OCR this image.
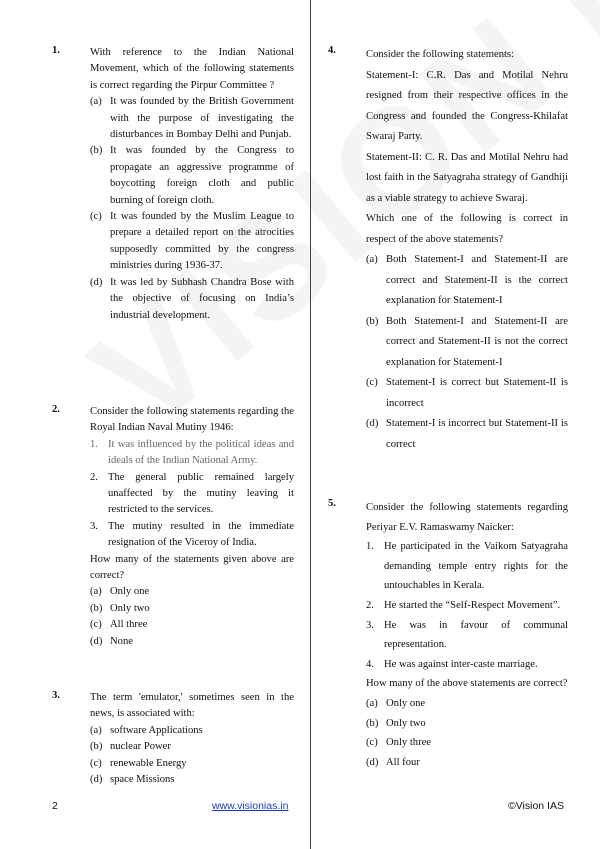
1.	With reference to the Indian National Movement, which of the following statements is correct regarding the Pirpur Committee ?

(a) It was founded by the British Government with the purpose of investigating the disturbances in Bombay Delhi and Punjab.
(b) It was founded by the Congress to propagate an aggressive programme of boycotting foreign cloth and public burning of foreign cloth.
(c) It was founded by the Muslim League to prepare a detailed report on the atrocities supposedly committed by the congress ministries during 1936-37.
(d) It was led by Subhash Chandra Bose with the objective of focusing on India’s industrial development.
2.	Consider the following statements regarding the Royal Indian Naval Mutiny 1946:

1. It was influenced by the political ideas and ideals of the Indian National Army.
2. The general public remained largely unaffected by the mutiny leaving it restricted to the services.
3. The mutiny resulted in the immediate resignation of the Viceroy of India.

How many of the statements given above are correct?

(a) Only one
(b) Only two
(c) All three
(d) None
3.	The term 'emulator,' sometimes seen in the news, is associated with:

(a) software Applications
(b) nuclear Power
(c) renewable Energy
(d) space Missions
4.	Consider the following statements:

Statement-I: C.R. Das and Motilal Nehru resigned from their respective offices in the Congress and founded the Congress-Khilafat Swaraj Party.

Statement-II: C. R. Das and Motilal Nehru had lost faith in the Satyagraha strategy of Gandhiji as a viable strategy to achieve Swaraj.

Which one of the following is correct in respect of the above statements?

(a) Both Statement-I and Statement-II are correct and Statement-II is the correct explanation for Statement-I
(b) Both Statement-I and Statement-II are correct and Statement-II is not the correct explanation for Statement-I
(c) Statement-I is correct but Statement-II is incorrect
(d) Statement-I is incorrect but Statement-II is correct
5.	Consider the following statements regarding Periyar E.V. Ramaswamy Naicker:

1. He participated in the Vaikom Satyagraha demanding temple entry rights for the untouchables in Kerala.
2. He started the “Self-Respect Movement”.
3. He was in favour of communal representation.
4. He was against inter-caste marriage.

How many of the above statements are correct?

(a) Only one
(b) Only two
(c) Only three
(d) All four
2	www.visionias.in	©Vision IAS
